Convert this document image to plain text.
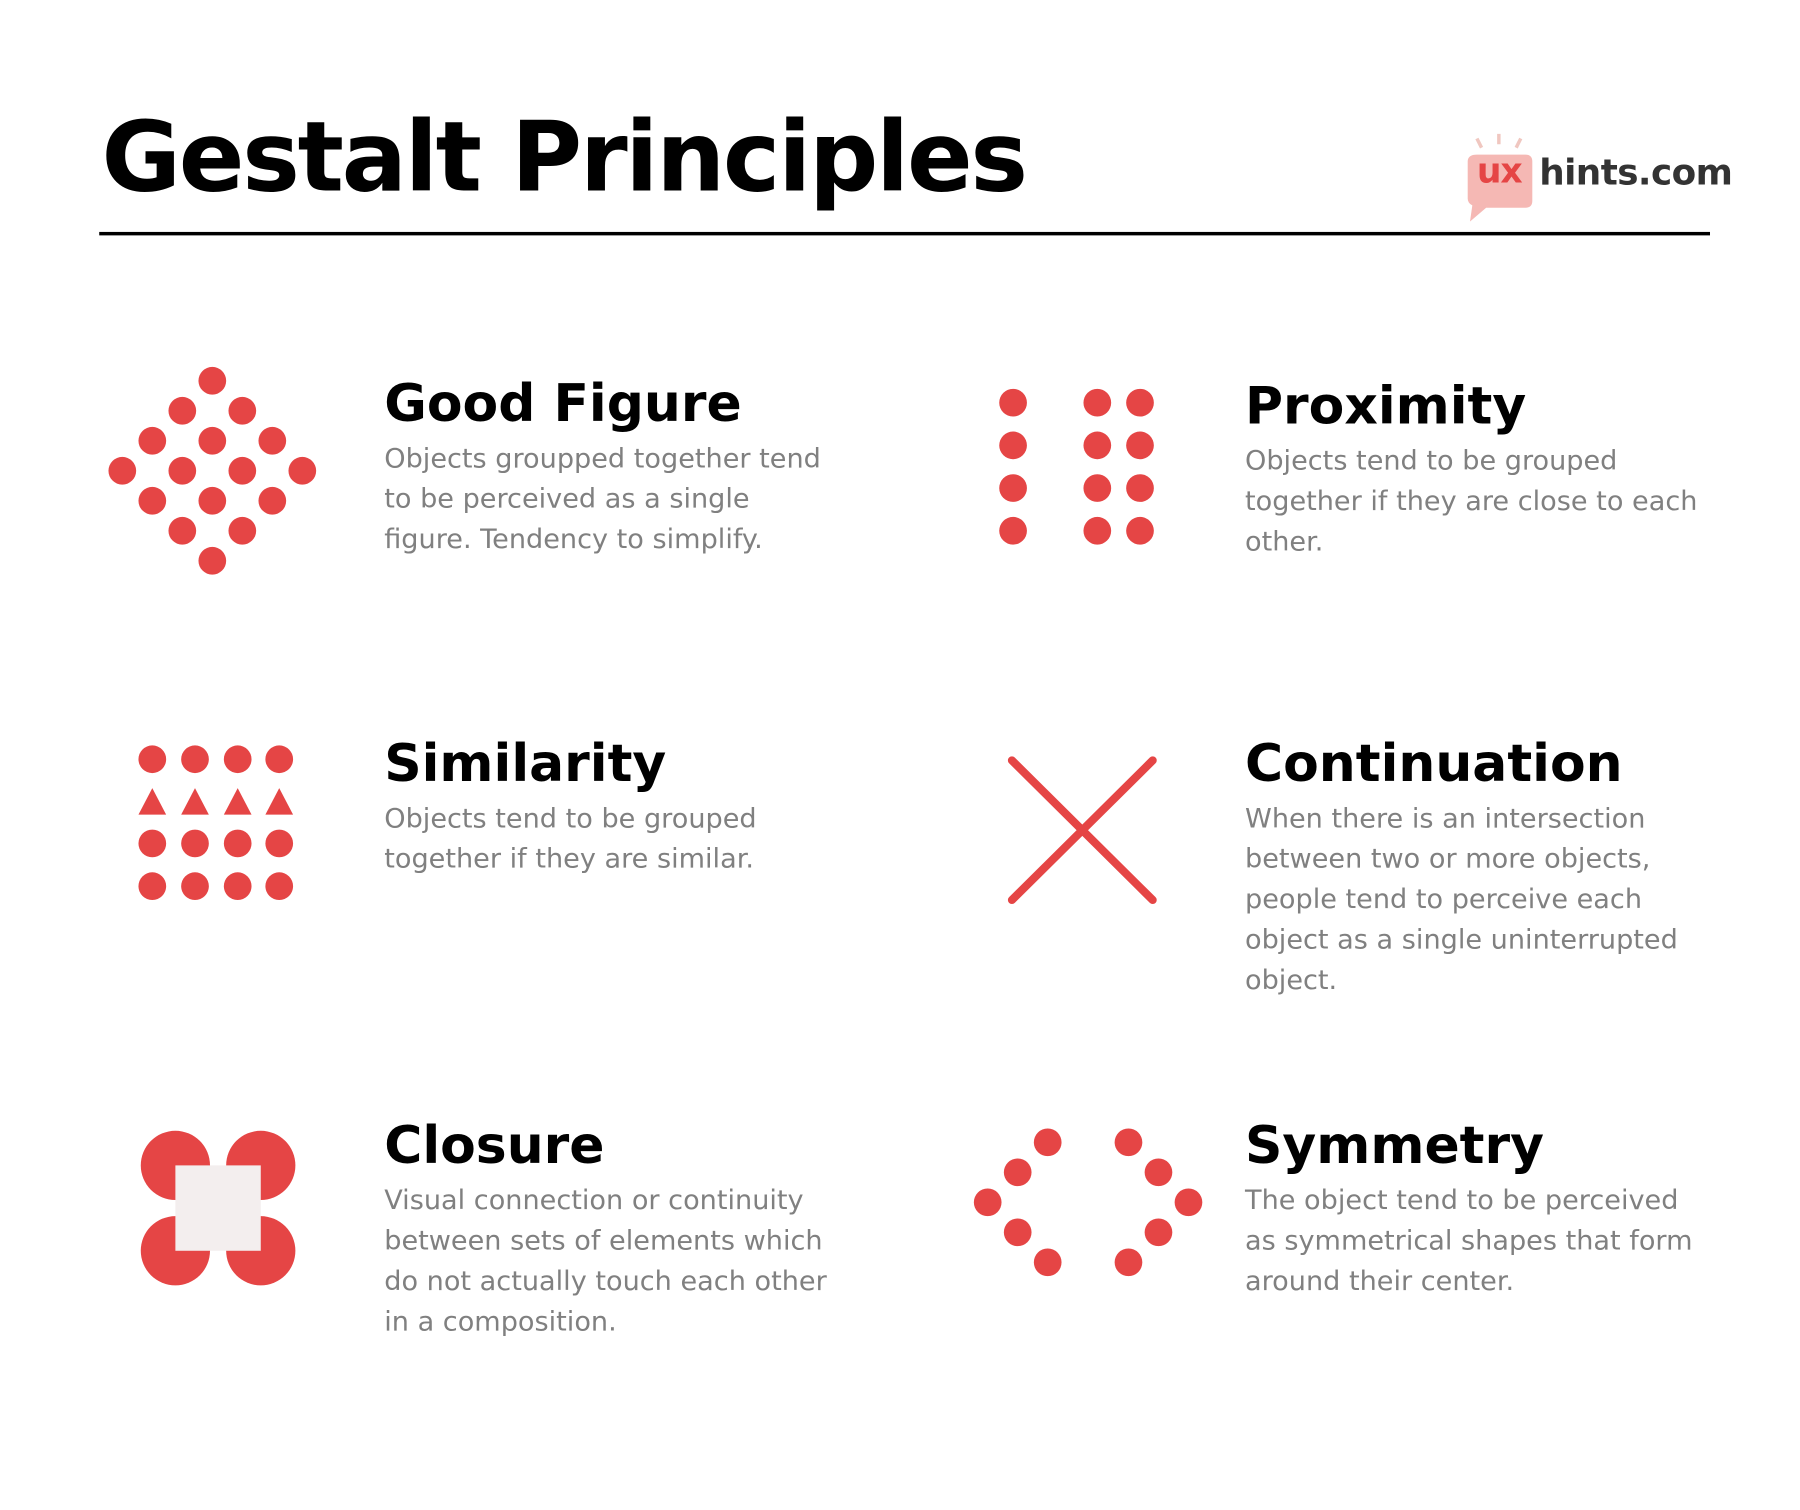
Gestalt Principles	ux hints.com
Good Figure
Objects groupped together tend
to be perceived as a single
figure. Tendency to simplify.
Proximity
Objects tend to be grouped
together if they are close to each
other.
Similarity
Objects tend to be grouped
together if they are similar.
Continuation
When there is an intersection
between two or more objects,
people tend to perceive each
object as a single uninterrupted
object.
Closure
Visual connection or continuity
between sets of elements which
do not actually touch each other
in a composition.
Symmetry
The object tend to be perceived
as symmetrical shapes that form
around their center.
